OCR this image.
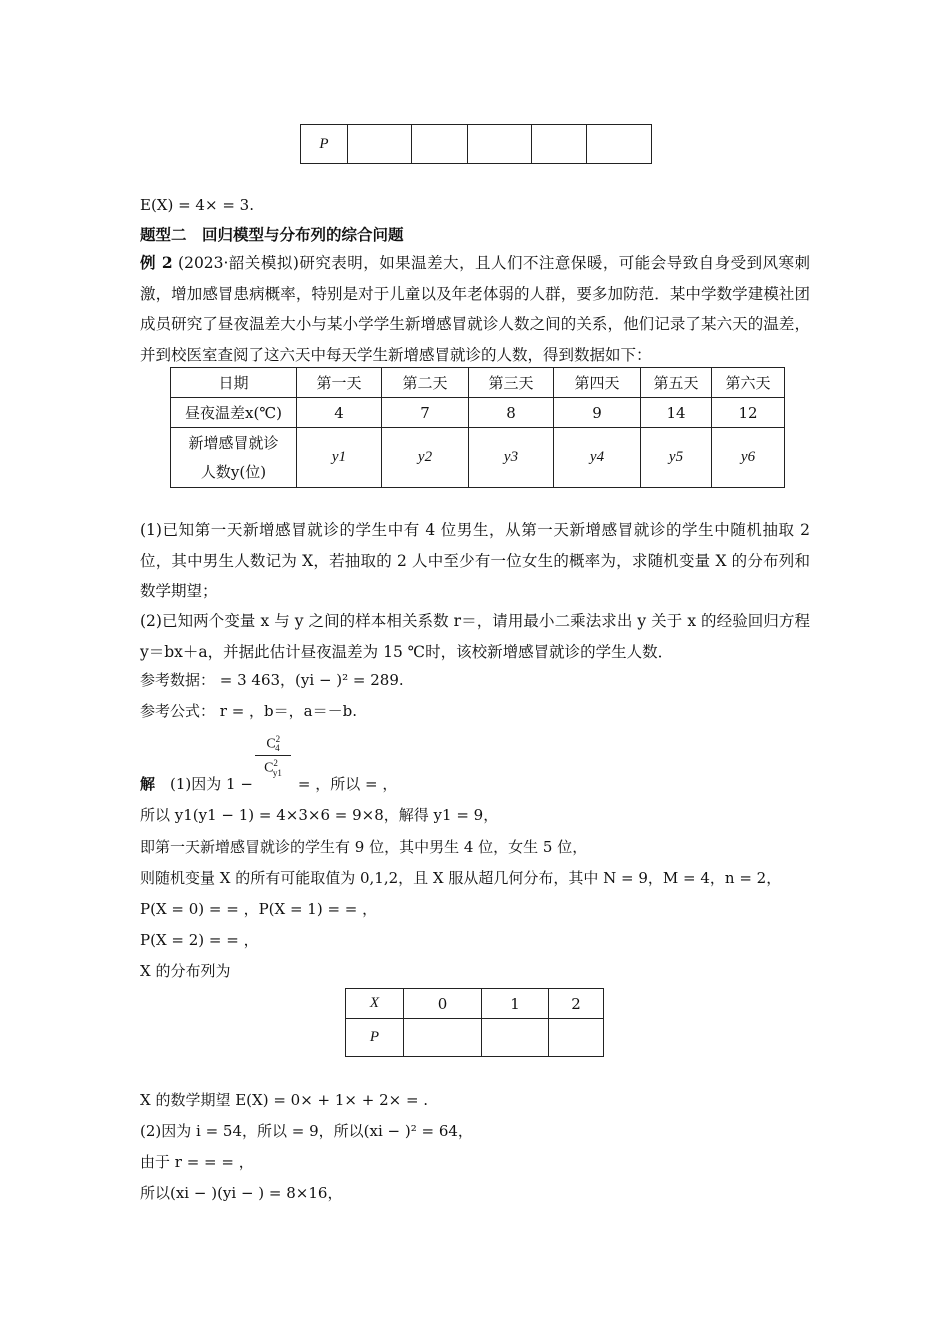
P					
E(X) = 4× = 3.
题型二　回归模型与分布列的综合问题
例 2 (2023·韶关模拟)研究表明，如果温差大，且人们不注意保暖，可能会导致自身受到风寒刺激，增加感冒患病概率，特别是对于儿童以及年老体弱的人群，要多加防范．某中学数学建模社团成员研究了昼夜温差大小与某小学学生新增感冒就诊人数之间的关系，他们记录了某六天的温差，并到校医室查阅了这六天中每天学生新增感冒就诊的人数，得到数据如下：
日期	第一天	第二天	第三天	第四天	第五天	第六天
昼夜温差x(℃)	4	7	8	9	14	12
新增感冒就诊
人数y(位)	y1	y2	y3	y4	y5	y6
(1)已知第一天新增感冒就诊的学生中有 4 位男生，从第一天新增感冒就诊的学生中随机抽取 2 位，其中男生人数记为 X，若抽取的 2 人中至少有一位女生的概率为，求随机变量 X 的分布列和数学期望；
(2)已知两个变量 x 与 y 之间的样本相关系数 r＝，请用最小二乘法求出 y 关于 x 的经验回归方程y＝bx＋a，并据此估计昼夜温差为 15 ℃时，该校新增感冒就诊的学生人数．
参考数据： = 3 463，(yi − )² = 289.
参考公式： r = ，b＝，a＝－b.
$\frac{C^2_4}{C^2_{y1}}$
解　(1)因为 1 −　　　= ，所以 = ，
所以 y1(y1 − 1) = 4×3×6 = 9×8，解得 y1 = 9，
即第一天新增感冒就诊的学生有 9 位，其中男生 4 位，女生 5 位，
则随机变量 X 的所有可能取值为 0,1,2，且 X 服从超几何分布，其中 N = 9，M = 4，n = 2，
P(X = 0) = = ，P(X = 1) = = ，
P(X = 2) = = ，
X 的分布列为
X	0	1	2
P			
X 的数学期望 E(X) = 0× + 1× + 2× = .
(2)因为 i = 54，所以 = 9，所以(xi − )² = 64，
由于 r = = = ，
所以(xi − )(yi − ) = 8×16，
